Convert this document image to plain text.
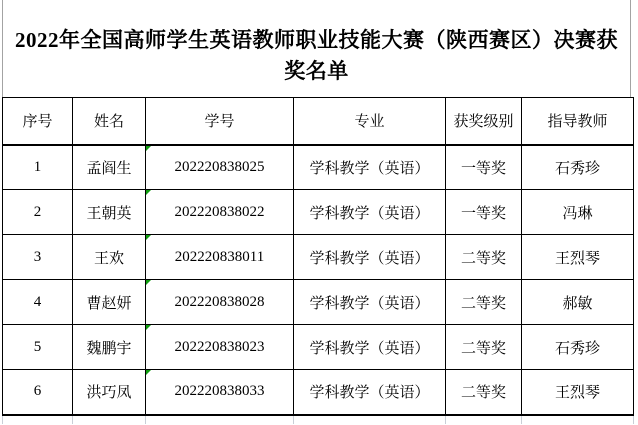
2022年全国高师学生英语教师职业技能大赛（陕西赛区）决赛获
奖名单
序号	姓名	学号	专业	获奖级别	指导教师
1	孟阎生	202220838025	学科教学（英语）	一等奖	石秀珍
2	王朝英	202220838022	学科教学（英语）	一等奖	冯琳
3	王欢	202220838011	学科教学（英语）	二等奖	王烈琴
4	曹赵妍	202220838028	学科教学（英语）	二等奖	郝敏
5	魏鹏宇	202220838023	学科教学（英语）	二等奖	石秀珍
6	洪巧凤	202220838033	学科教学（英语）	二等奖	王烈琴
